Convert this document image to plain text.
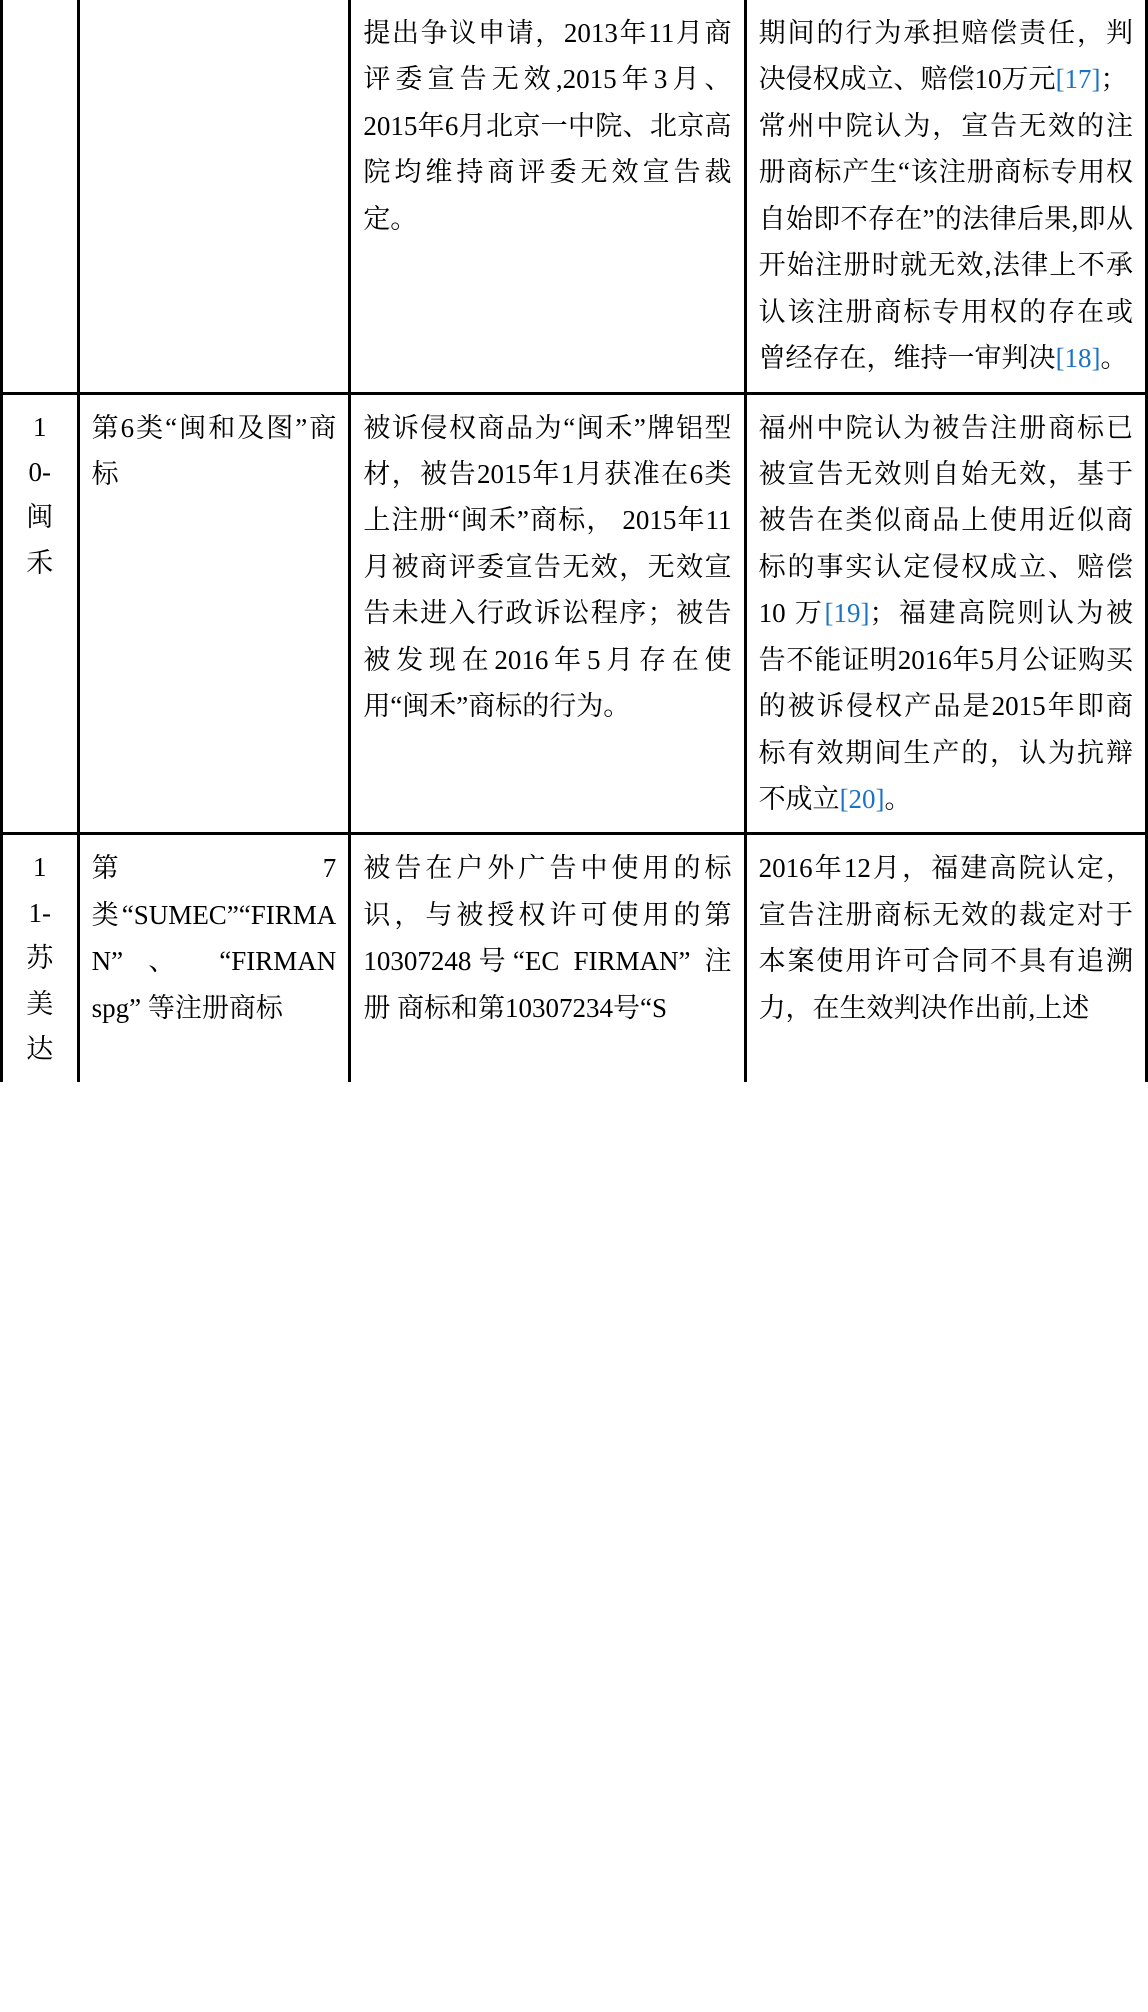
		提出争议申请，2013年11月商评委宣告无效,2015年3月、2015年6月北京一中院、北京高院均维持商评委无效宣告裁定。	期间的行为承担赔偿责任，判决侵权成立、赔偿10万元[17]；
常州中院认为，宣告无效的注册商标产生“该注册商标专用权自始即不存在”的法律后果,即从开始注册时就无效,法律上不承认该注册商标专用权的存在或曾经存在，维持一审判决[18]。

1
0-
闽
禾	第6类“闽和及图”商标	被诉侵权商品为“闽禾”牌铝型材，被告2015年1月获准在6类上注册“闽禾”商标， 2015年11月被商评委宣告无效，无效宣告未进入行政诉讼程序；被告被发现在2016年5月存在使用“闽禾”商标的行为。	福州中院认为被告注册商标已被宣告无效则自始无效，基于被告在类似商品上使用近似商标的事实认定侵权成立、赔偿 10 万[19]；福建高院则认为被告不能证明2016年5月公证购买的被诉侵权产品是2015年即商标有效期间生产的，认为抗辩不成立[20]。

1
1-
苏
美
达	第7类“SUMEC”“FIRMAN” 、 “FIRMAN spg” 等注册商标	被告在户外广告中使用的标识，与被授权许可使用的第10307248号“EC FIRMAN” 注 册 商标和第10307234号“S	2016年12月，福建高院认定，宣告注册商标无效的裁定对于本案使用许可合同不具有追溯力，在生效判决作出前,上述
